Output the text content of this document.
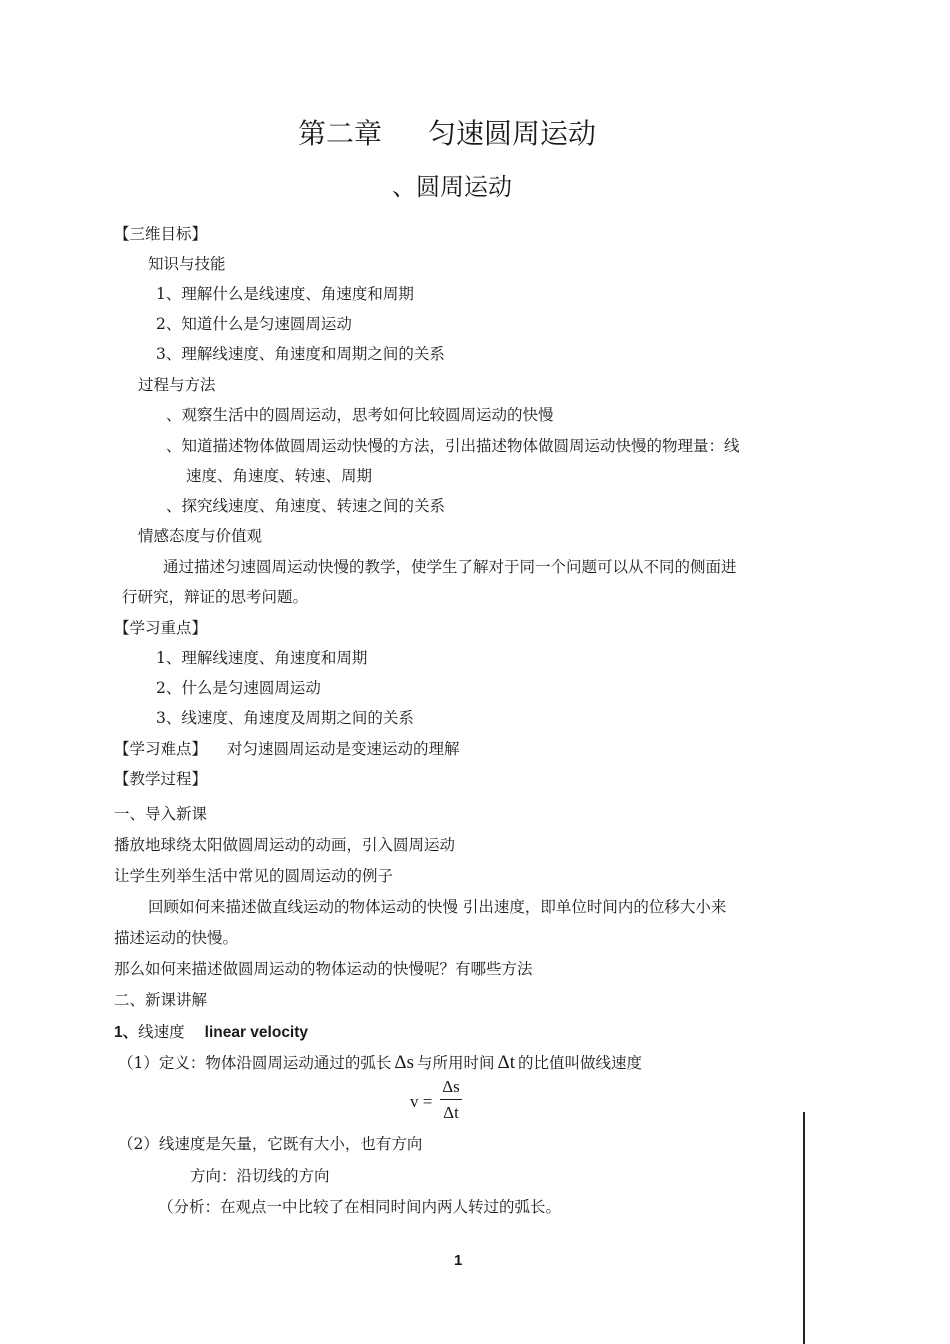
第二章 匀速圆周运动
、圆周运动
【三维目标】
知识与技能
1、理解什么是线速度、角速度和周期
2、知道什么是匀速圆周运动
3、理解线速度、角速度和周期之间的关系
过程与方法
、观察生活中的圆周运动，思考如何比较圆周运动的快慢
、知道描述物体做圆周运动快慢的方法，引出描述物体做圆周运动快慢的物理量：线
速度、角速度、转速、周期
、探究线速度、角速度、转速之间的关系
情感态度与价值观
通过描述匀速圆周运动快慢的教学，使学生了解对于同一个问题可以从不同的侧面进
行研究，辩证的思考问题。
【学习重点】
1、理解线速度、角速度和周期
2、什么是匀速圆周运动
3、线速度、角速度及周期之间的关系
【学习难点】 对匀速圆周运动是变速运动的理解
【教学过程】
一、导入新课
播放地球绕太阳做圆周运动的动画，引入圆周运动
让学生列举生活中常见的圆周运动的例子
回顾如何来描述做直线运动的物体运动的快慢 引出速度，即单位时间内的位移大小来
描述运动的快慢。
那么如何来描述做圆周运动的物体运动的快慢呢？有哪些方法
二、新课讲解
1、线速度 linear velocity
（1）定义：物体沿圆周运动通过的弧长 Δs 与所用时间 Δt 的比值叫做线速度
v =
Δs
Δt
（2）线速度是矢量，它既有大小，也有方向
方向：沿切线的方向
（分析：在观点一中比较了在相同时间内两人转过的弧长。
1
